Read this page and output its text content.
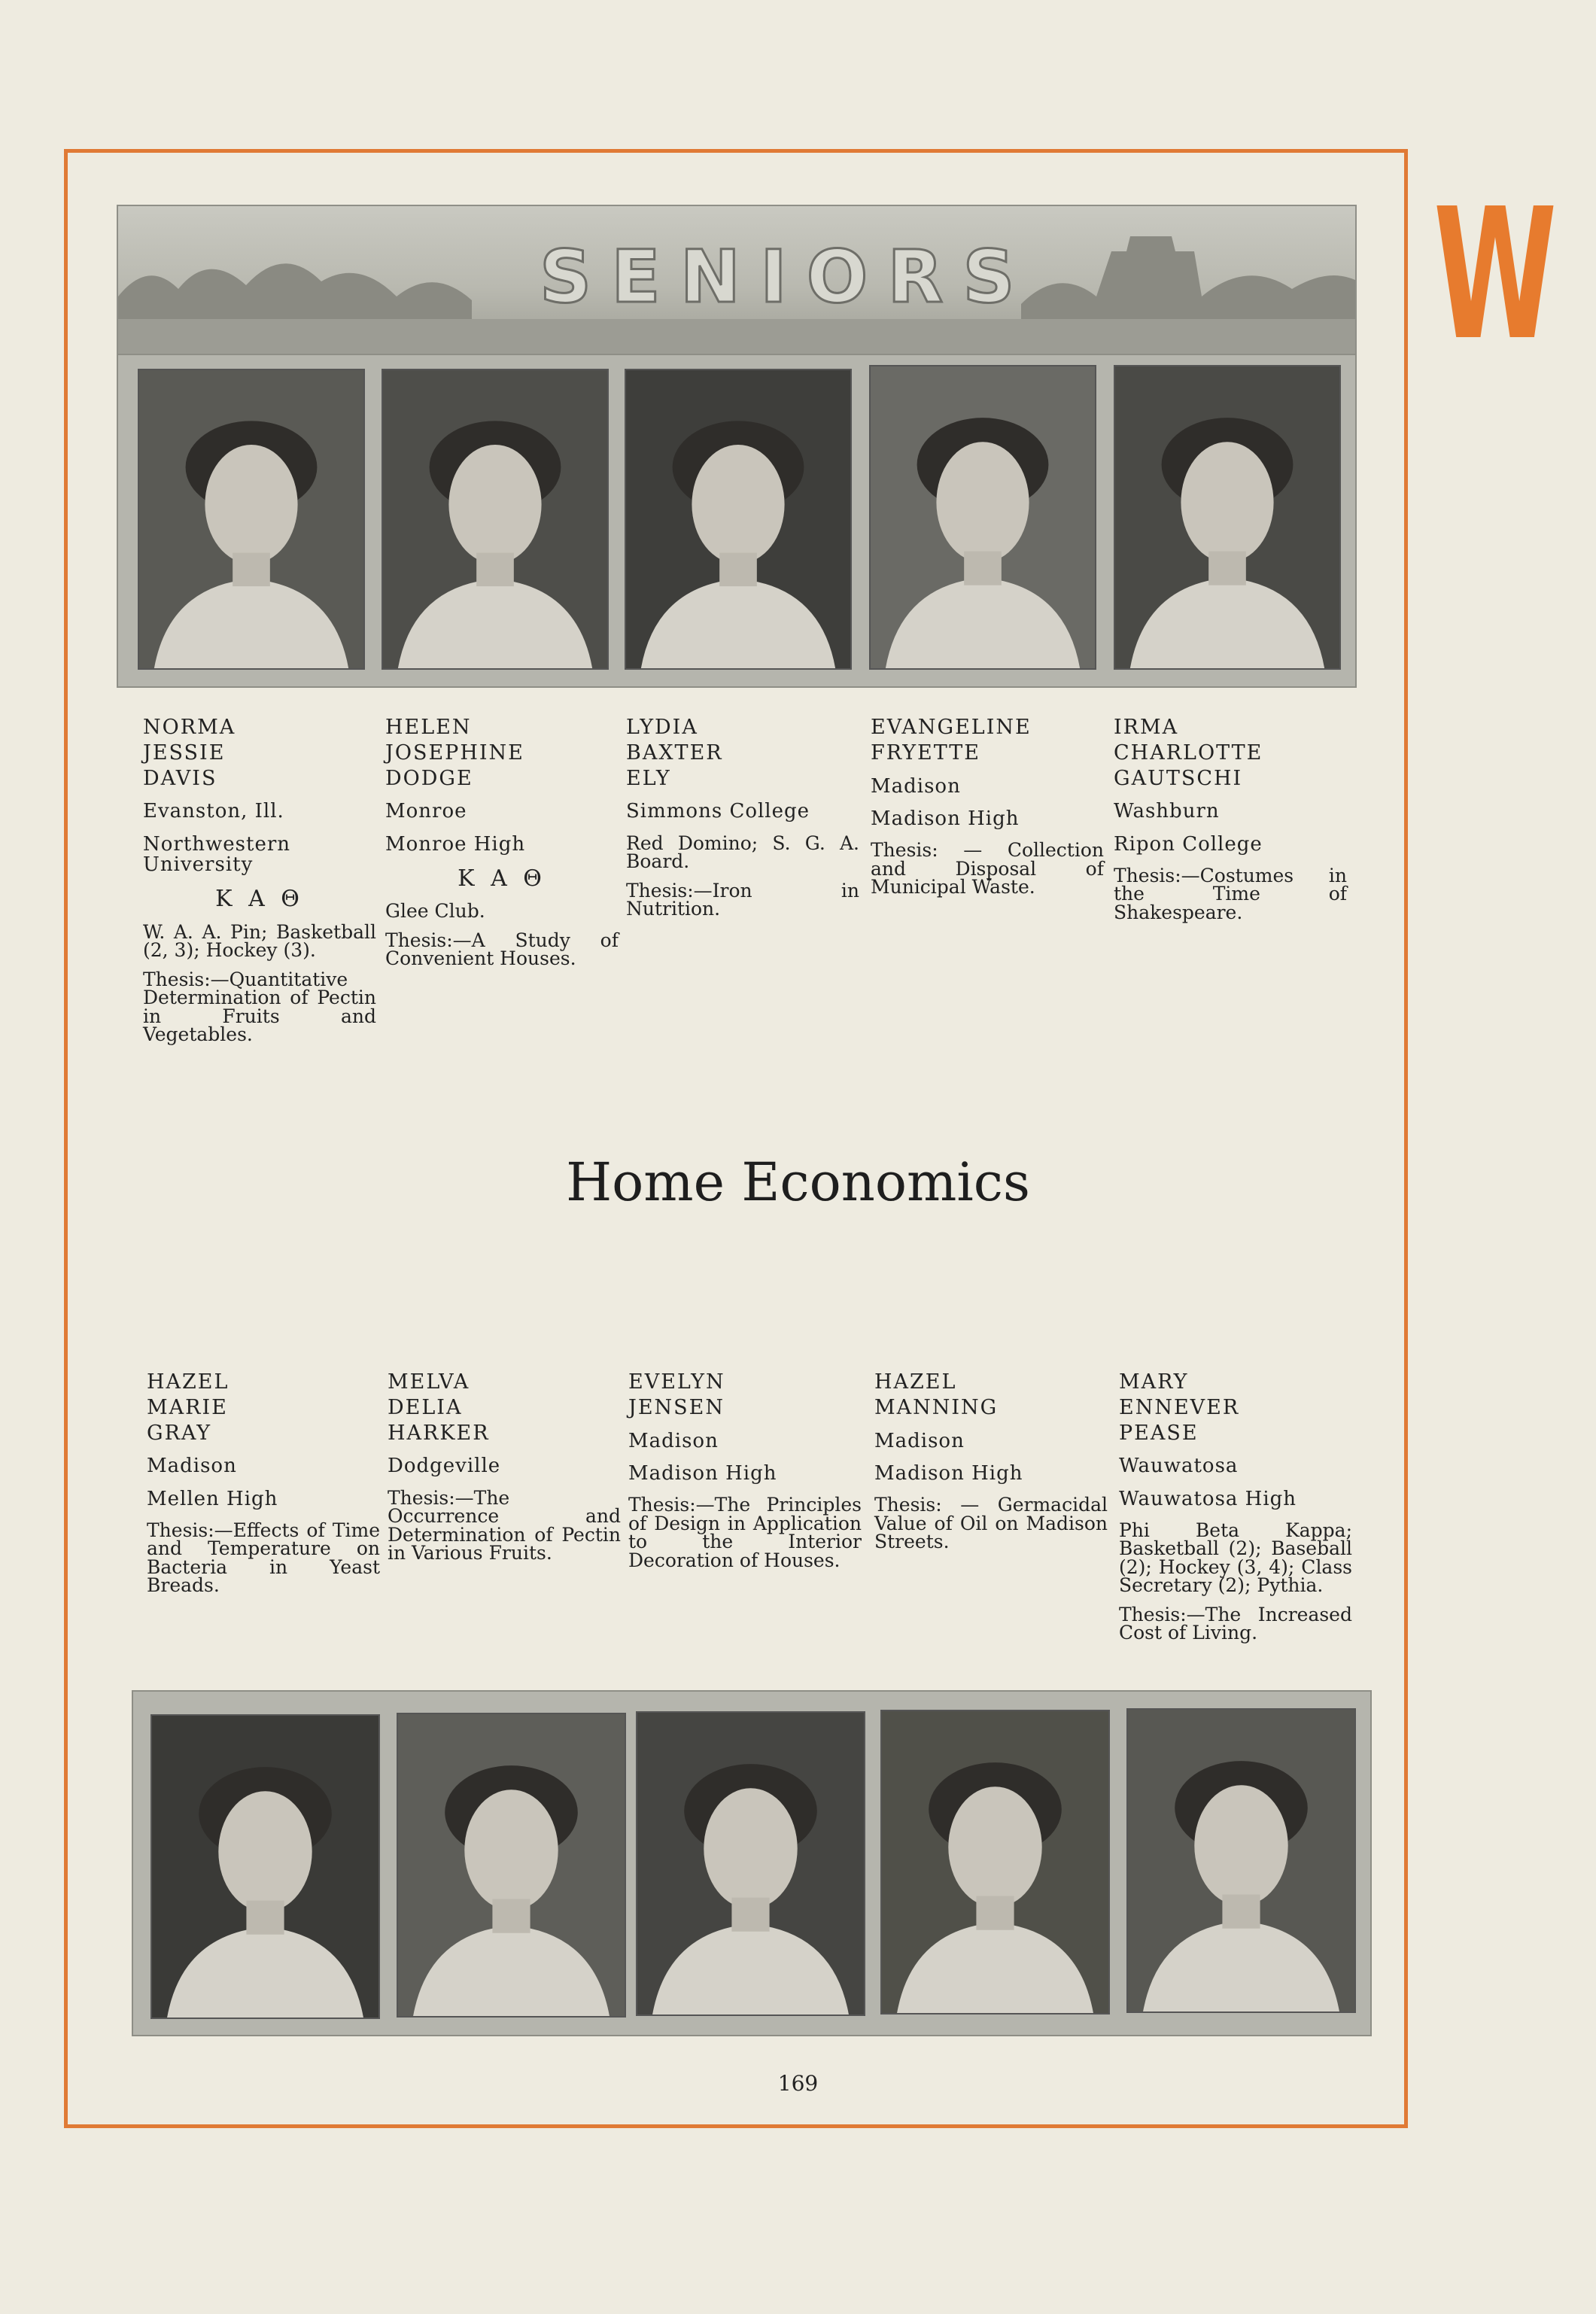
W
SENIORS
NORMA
JESSIE
DAVIS
Evanston, Ill.
Northwestern University
Κ Α Θ
W. A. A. Pin; Basketball (2, 3); Hockey (3).
Thesis:—Quantitative Determination of Pectin in Fruits and Vegetables.
HELEN
JOSEPHINE
DODGE
Monroe
Monroe High
Κ Α Θ
Glee Club.
Thesis:—A Study of Convenient Houses.
LYDIA
BAXTER
ELY
Simmons College
Red Domino; S. G. A. Board.
Thesis:—Iron in Nutrition.
EVANGELINE
FRYETTE
Madison
Madison High
Thesis: — Collection and Disposal of Municipal Waste.
IRMA
CHARLOTTE
GAUTSCHI
Washburn
Ripon College
Thesis:—Costumes in the Time of Shakespeare.
Home Economics
HAZEL
MARIE
GRAY
Madison
Mellen High
Thesis:—Effects of Time and Temperature on Bacteria in Yeast Breads.
MELVA
DELIA
HARKER
Dodgeville
Thesis:—The Occurrence and Determination of Pectin in Various Fruits.
EVELYN
JENSEN
Madison
Madison High
Thesis:—The Principles of Design in Application to the Interior Decoration of Houses.
HAZEL
MANNING
Madison
Madison High
Thesis: — Germacidal Value of Oil on Madison Streets.
MARY
ENNEVER
PEASE
Wauwatosa
Wauwatosa High
Phi Beta Kappa; Basketball (2); Baseball (2); Hockey (3, 4); Class Secretary (2); Pythia.
Thesis:—The Increased Cost of Living.
169
